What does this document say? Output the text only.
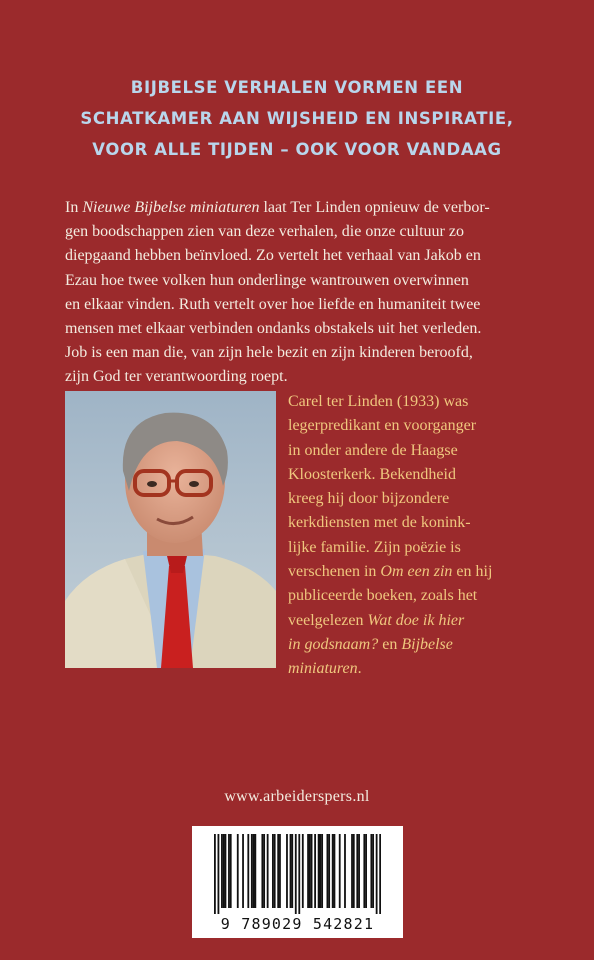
BIJBELSE VERHALEN VORMEN EEN
SCHATKAMER AAN WIJSHEID EN INSPIRATIE,
VOOR ALLE TIJDEN – OOK VOOR VANDAAG
In Nieuwe Bijbelse miniaturen laat Ter Linden opnieuw de verbor-
gen boodschappen zien van deze verhalen, die onze cultuur zo
diepgaand hebben beïnvloed. Zo vertelt het verhaal van Jakob en
Ezau hoe twee volken hun onderlinge wantrouwen overwinnen
en elkaar vinden. Ruth vertelt over hoe liefde en humaniteit twee
mensen met elkaar verbinden ondanks obstakels uit het verleden.
Job is een man die, van zijn hele bezit en zijn kinderen beroofd,
zijn God ter verantwoording roept.
Carel ter Linden (1933) was
legerpredikant en voorganger
in onder andere de Haagse
Kloosterkerk. Bekendheid
kreeg hij door bijzondere
kerkdiensten met de konink-
lijke familie. Zijn poëzie is
verschenen in Om een zin en hij
publiceerde boeken, zoals het
veelgelezen Wat doe ik hier
in godsnaam? en Bijbelse
miniaturen.
www.arbeiderspers.nl
9 789029 542821
